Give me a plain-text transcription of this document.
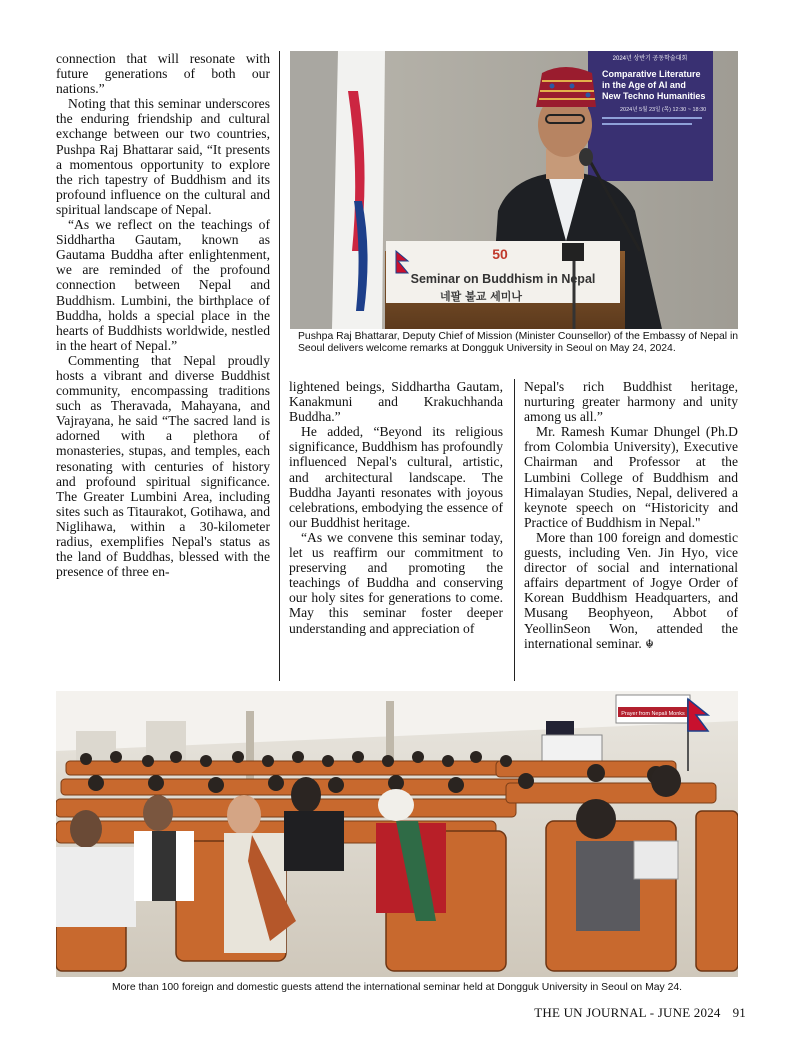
connection that will resonate with future generations of both our nations.”

Noting that this seminar underscores the enduring friendship and cultural exchange between our two countries, Pushpa Raj Bhattarar said, “It presents a momentous opportunity to explore the rich tapestry of Buddhism and its profound influence on the cultural and spiritual landscape of Nepal.

“As we reflect on the teachings of Siddhartha Gautam, known as Gautama Buddha after enlightenment, we are reminded of the profound connection between Nepal and Buddhism. Lumbini, the birthplace of Buddha, holds a special place in the hearts of Buddhists worldwide, nestled in the heart of Nepal.”

Commenting that Nepal proudly hosts a vibrant and diverse Buddhist community, encompassing traditions such as Theravada, Mahayana, and Vajrayana, he said “The sacred land is adorned with a plethora of monasteries, stupas, and temples, each resonating with centuries of history and profound spiritual significance. The Greater Lumbini Area, including sites such as Titaurakot, Gotihawa, and Niglihawa, within a 30-kilometer radius, exemplifies Nepal's status as the land of Buddhas, blessed with the presence of three en-

2024년 상반기 공동학술대회
Comparative Literature
in the Age of AI and
New Techno Humanities
2024년 5월 23일 (목) 12:30 ~ 18:30
50
Seminar on Buddhism in Nepal
네팔 불교 세미나
Pushpa Raj Bhattarar, Deputy Chief of Mission (Minister Counsellor) of the Embassy of Nepal in Seoul delivers welcome remarks at Dongguk University in Seoul on May 24, 2024.

lightened beings, Siddhartha Gautam, Kanakmuni and Krakuchhanda Buddha.”

He added, “Beyond its religious significance, Buddhism has profoundly influenced Nepal's cultural, artistic, and architectural landscape. The Buddha Jayanti resonates with joyous celebrations, embodying the essence of our Buddhist heritage.

“As we convene this seminar today, let us reaffirm our commitment to preserving and promoting the teachings of Buddha and conserving our holy sites for generations to come. May this seminar foster deeper understanding and appreciation of

Nepal's rich Buddhist heritage, nurturing greater harmony and unity among us all.”

Mr. Ramesh Kumar Dhungel (Ph.D from Colombia University), Executive Chairman and Professor at the Lumbini College of Buddhism and Himalayan Studies, Nepal, delivered a keynote speech on “Historicity and Practice of Buddhism in Nepal."

More than 100 foreign and domestic guests, including Ven. Jin Hyo, vice director of social and international affairs department of Jogye Order of Korean Buddhism Headquarters, and Musang Beophyeon, Abbot of YeollinSeon Won, attended the international seminar. ☬

Prayer from Nepali Monks
More than 100 foreign and domestic guests attend the international seminar held at Dongguk University in Seoul on May 24.
THE UN JOURNAL - JUNE 2024 91
